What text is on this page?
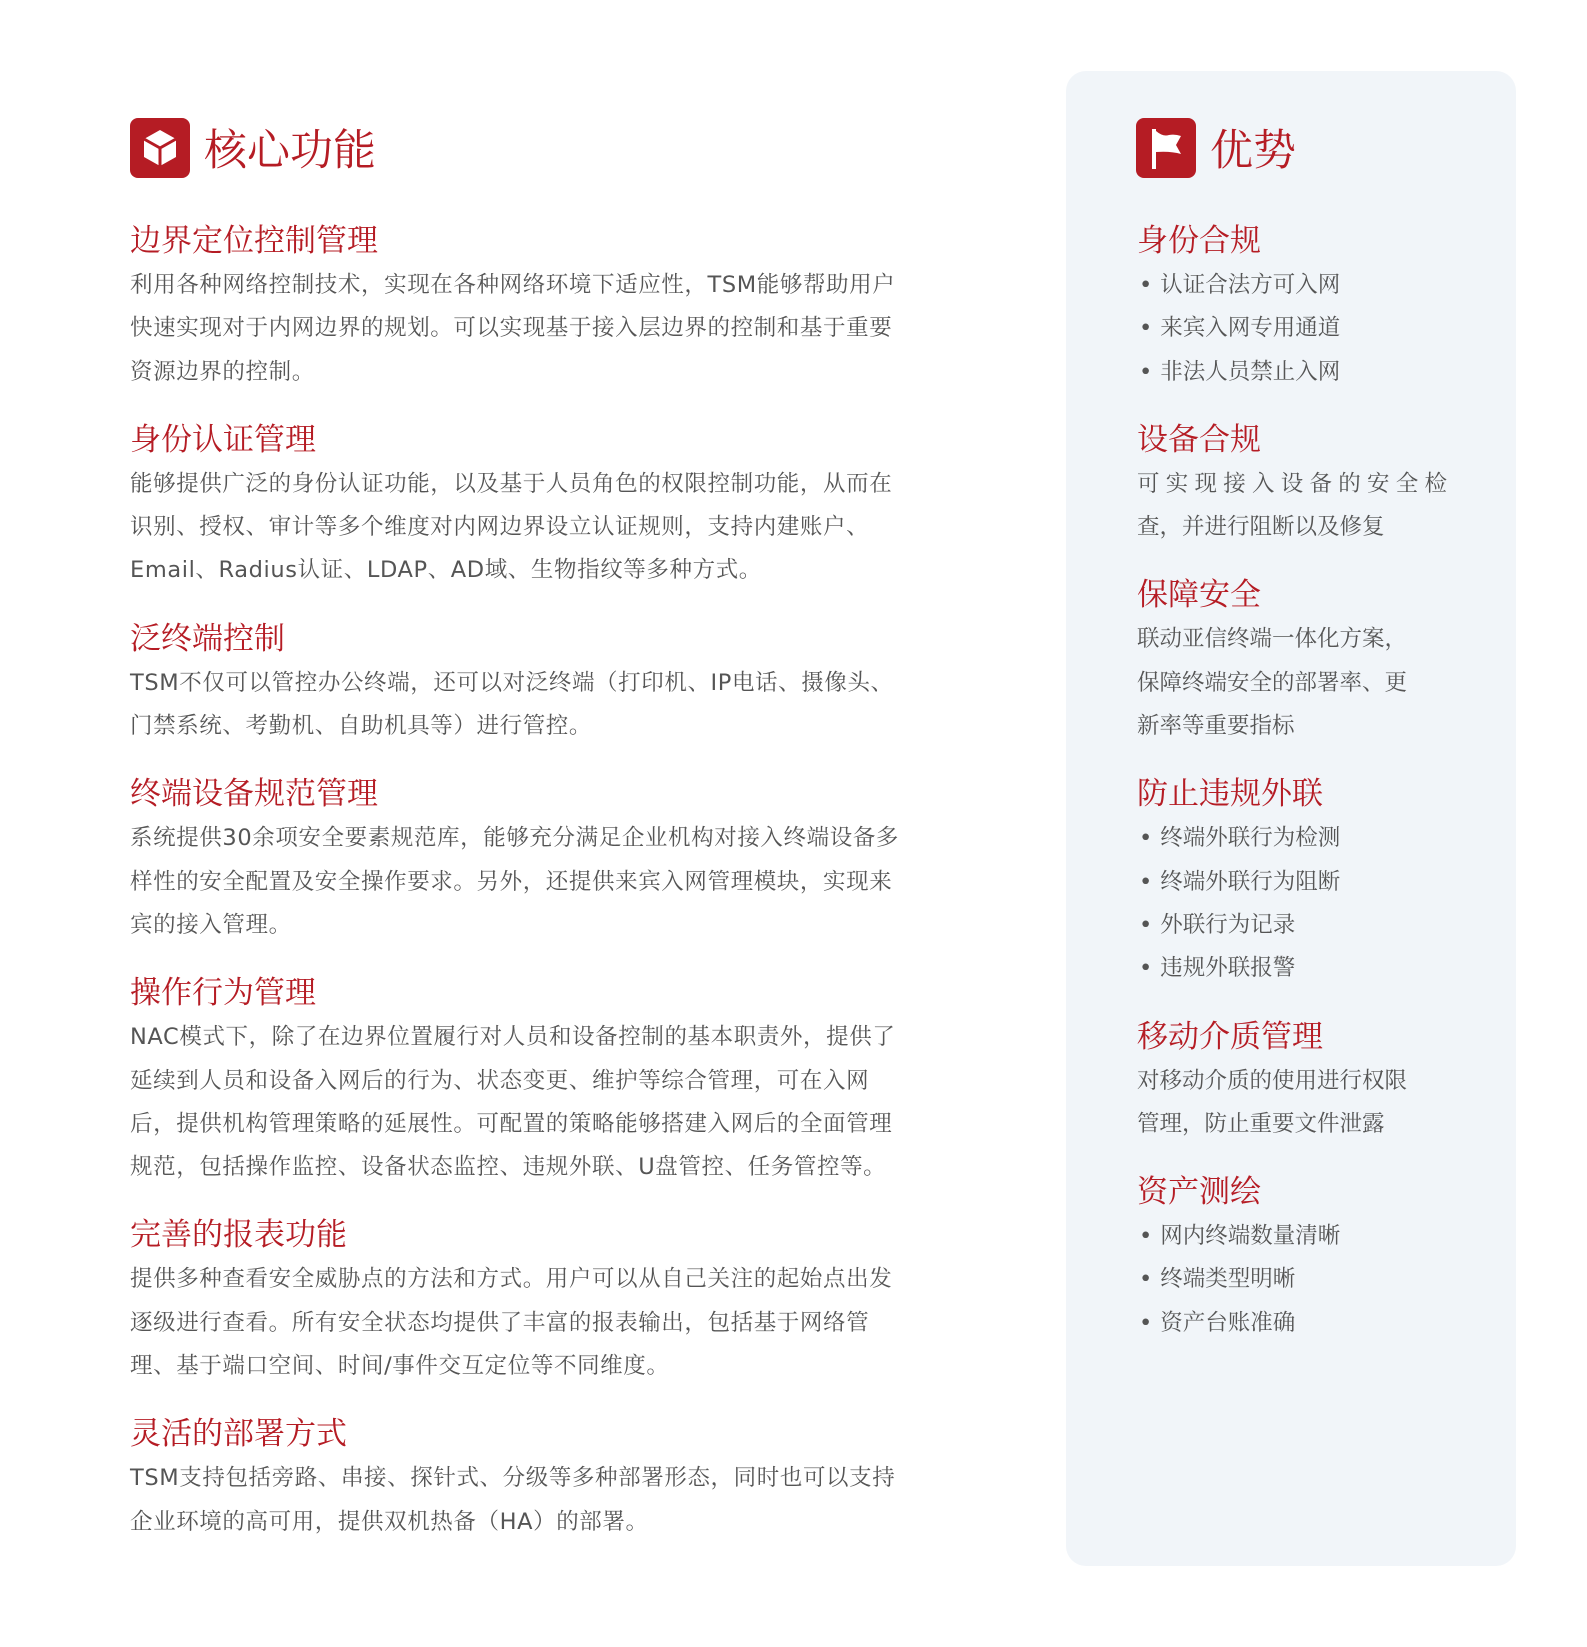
核心功能	优势
边界定位控制管理
利用各种网络控制技术，实现在各种网络环境下适应性，TSM能够帮助用户
快速实现对于内网边界的规划。可以实现基于接入层边界的控制和基于重要
资源边界的控制。
身份认证管理
能够提供广泛的身份认证功能，以及基于人员角色的权限控制功能，从而在
识别、授权、审计等多个维度对内网边界设立认证规则，支持内建账户、
Email、Radius认证、LDAP、AD域、生物指纹等多种方式。
泛终端控制
TSM不仅可以管控办公终端，还可以对泛终端（打印机、IP电话、摄像头、
门禁系统、考勤机、自助机具等）进行管控。
终端设备规范管理
系统提供30余项安全要素规范库，能够充分满足企业机构对接入终端设备多
样性的安全配置及安全操作要求。另外，还提供来宾入网管理模块，实现来
宾的接入管理。
操作行为管理
NAC模式下，除了在边界位置履行对人员和设备控制的基本职责外，提供了
延续到人员和设备入网后的行为、状态变更、维护等综合管理，可在入网
后，提供机构管理策略的延展性。可配置的策略能够搭建入网后的全面管理
规范，包括操作监控、设备状态监控、违规外联、U盘管控、任务管控等。
完善的报表功能
提供多种查看安全威胁点的方法和方式。用户可以从自己关注的起始点出发
逐级进行查看。所有安全状态均提供了丰富的报表输出，包括基于网络管
理、基于端口空间、时间/事件交互定位等不同维度。
灵活的部署方式
TSM支持包括旁路、串接、探针式、分级等多种部署形态，同时也可以支持
企业环境的高可用，提供双机热备（HA）的部署。
身份合规
• 认证合法方可入网
• 来宾入网专用通道
• 非法人员禁止入网
设备合规
可实现接入设备的安全检
查，并进行阻断以及修复
保障安全
联动亚信终端一体化方案，
保障终端安全的部署率、更
新率等重要指标
防止违规外联
• 终端外联行为检测
• 终端外联行为阻断
• 外联行为记录
• 违规外联报警
移动介质管理
对移动介质的使用进行权限
管理，防止重要文件泄露
资产测绘
• 网内终端数量清晰
• 终端类型明晰
• 资产台账准确
